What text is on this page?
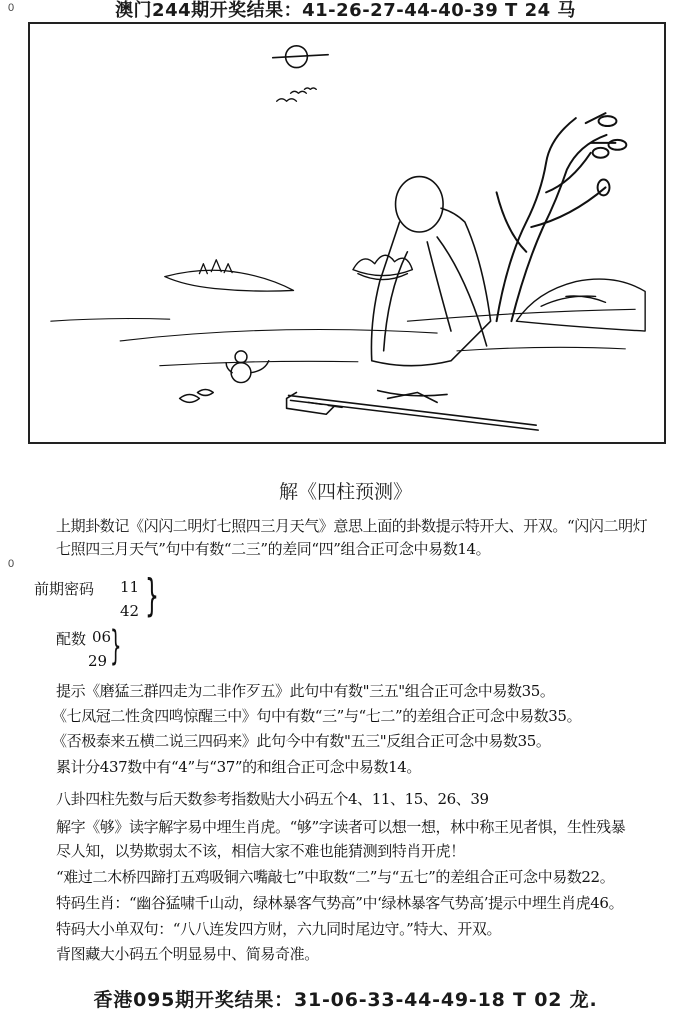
0	澳门244期开奖结果：41-26-27-44-40-39 T 24 马
解《四柱预测》
上期卦数记《闪闪二明灯七照四三月天气》意思上面的卦数提示特开大、开双。“闪闪二明灯
七照四三月天气”句中有数“二三”的差同“四”组合正可念中易数14。
0
前期密码 11
42 }
配数 06
29 }
提示《磨猛三群四走为二非作歹五》此句中有数"三五"组合正可念中易数35。
《七凤冠二性贪四鸣惊醒三中》句中有数“三”与“七二”的差组合正可念中易数35。
《否极泰来五横二说三四码来》此句今中有数"五三"反组合正可念中易数35。
累计分437数中有“4”与“37”的和组合正可念中易数14。
八卦四柱先数与后天数参考指数贴大小码五个4、11、15、26、39
解字《够》读字解字易中埋生肖虎。“够”字读者可以想一想，林中称王见者惧，生性残暴
尽人知，以势欺弱太不该，相信大家不难也能猜测到特肖开虎！
“难过二木桥四蹄打五鸡吸铜六嘴敲七”中取数“二”与“五七”的差组合正可念中易数22。
特码生肖：“幽谷猛啸千山动，绿林暴客气势高”中‘绿林暴客气势高’提示中埋生肖虎46。
特码大小单双句：“八八连发四方财，六九同时尾边守。”特大、开双。
背图藏大小码五个明显易中、简易奇准。
香港095期开奖结果：31-06-33-44-49-18 T 02 龙.
